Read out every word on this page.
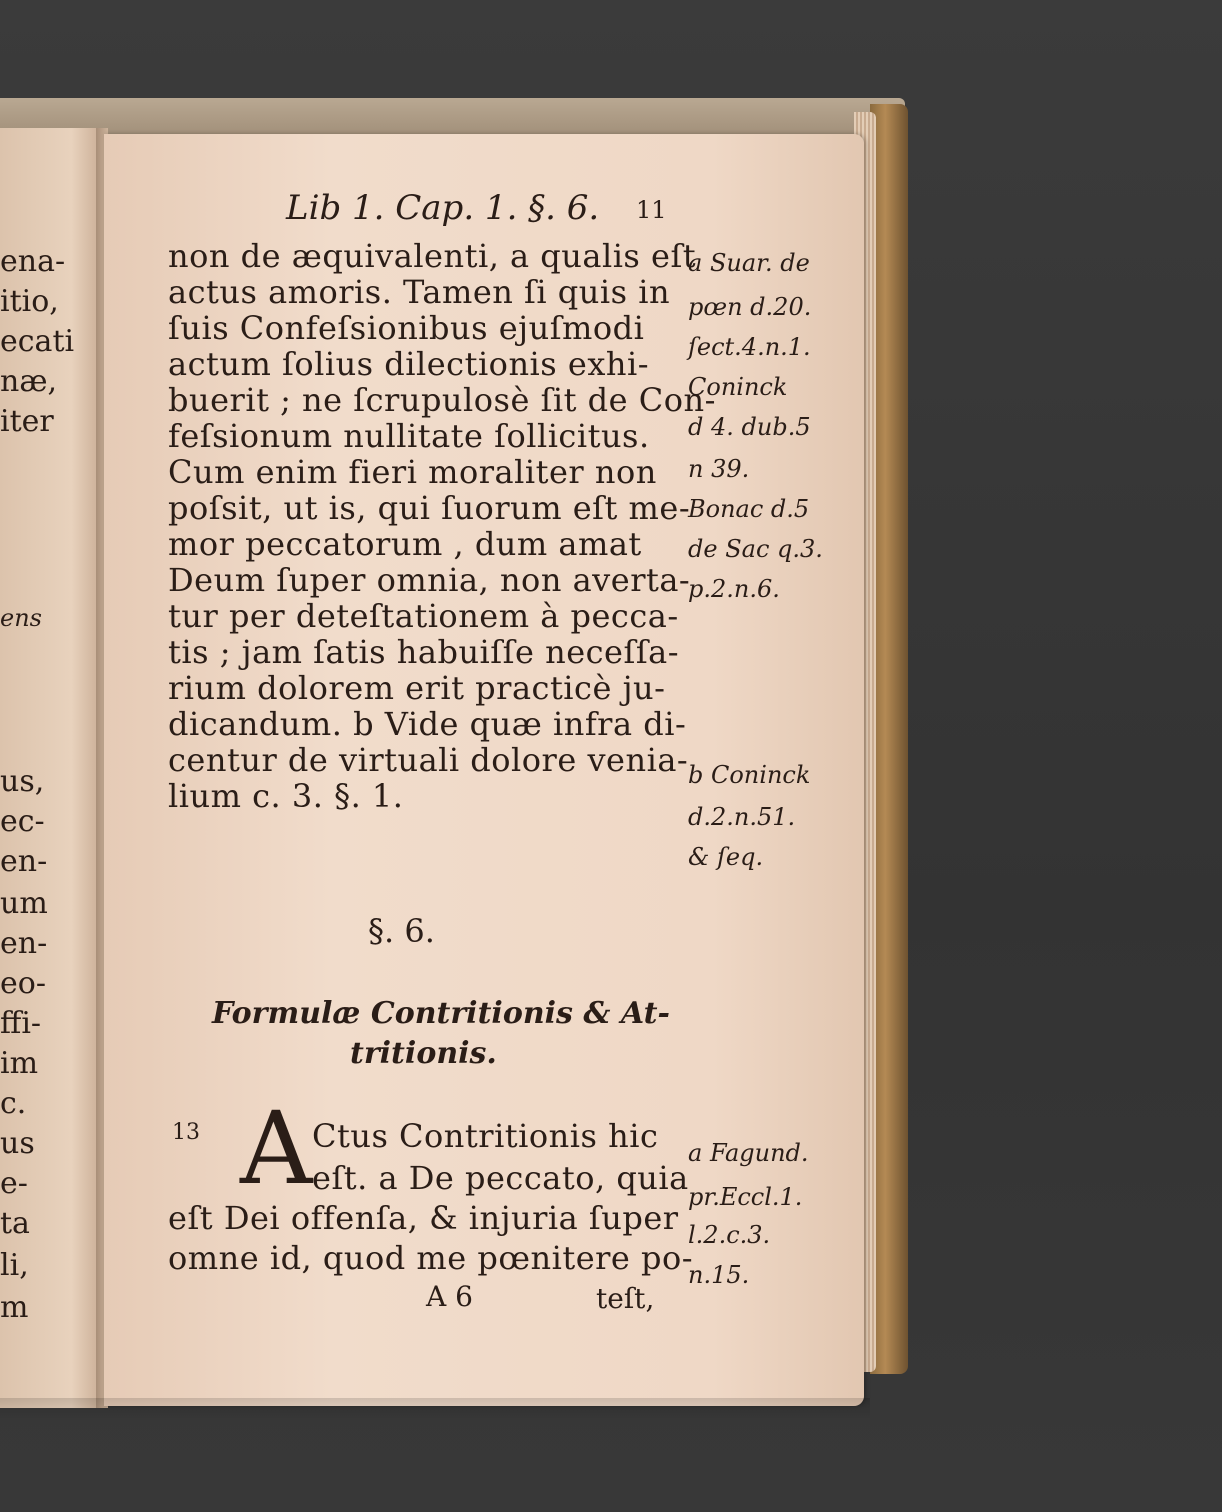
ena-
itio,
ecati
næ,
iter
ens
us,
ec-
en-
um
en-
eo-
ffi-
im
c.
us
e-
ta
li,
m
Lib 1. Cap. 1. §. 6. 11
non de æquivalenti, a qualis eſt
actus amoris. Tamen ſi quis in
ſuis Confeſsionibus ejuſmodi
actum ſolius dilectionis exhi-
buerit ; ne ſcrupulosè ſit de Con-
feſsionum nullitate ſollicitus.
Cum enim fieri moraliter non
poſsit, ut is, qui ſuorum eſt me-
mor peccatorum , dum amat
Deum ſuper omnia, non averta-
tur per deteſtationem à pecca-
tis ; jam ſatis habuiſſe neceſſa-
rium dolorem erit practicè ju-
dicandum. b Vide quæ infra di-
centur de virtuali dolore venia-
lium c. 3. §. 1.
a Suar. de
pœn d.20.
ſect.4.n.1.
Coninck
d 4. dub.5
n 39.
Bonac d.5
de Sac q.3.
p.2.n.6.
b Coninck
d.2.n.51.
& ſeq.
a Fagund.
pr.Eccl.1.
l.2.c.3.
n.15.
§. 6.
Formulæ Contritionis & At-
tritionis.
13 A Ctus Contritionis hic
eſt. a De peccato, quia
eſt Dei offenſa, & injuria ſuper
omne id, quod me pœnitere po-
A 6	teſt,
